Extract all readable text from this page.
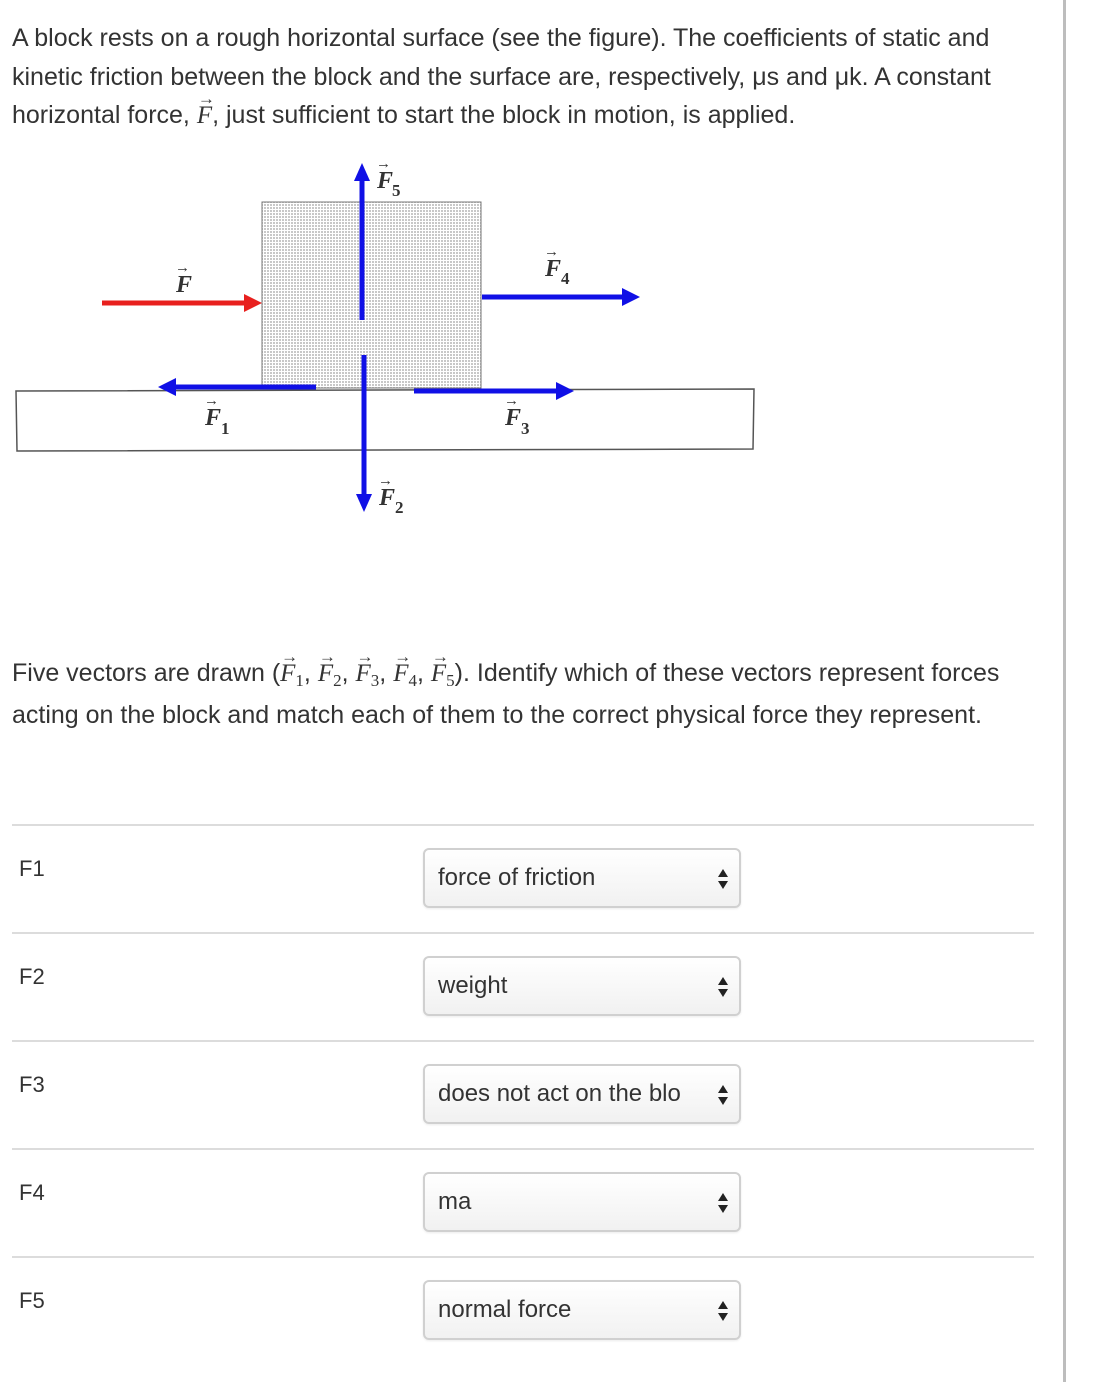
A block rests on a rough horizontal surface (see the figure). The coefficients of static and kinetic friction between the block and the surface are, respectively, μs and μk. A constant horizontal force, → F, just sufficient to start the block in motion, is applied.
F
→
F
→
5
F
→
4
F
→
1	F
→
3
F
→
2
Five vectors are drawn (→ $F_1$, → $F_2$, → $F_3$, → $F_4$, → $F_5$). Identify which of these vectors represent forces acting on the block and match each of them to the correct physical force they represent.
F1	force of friction
F2	weight
F3	does not act on the blo
F4	ma
F5	normal force
